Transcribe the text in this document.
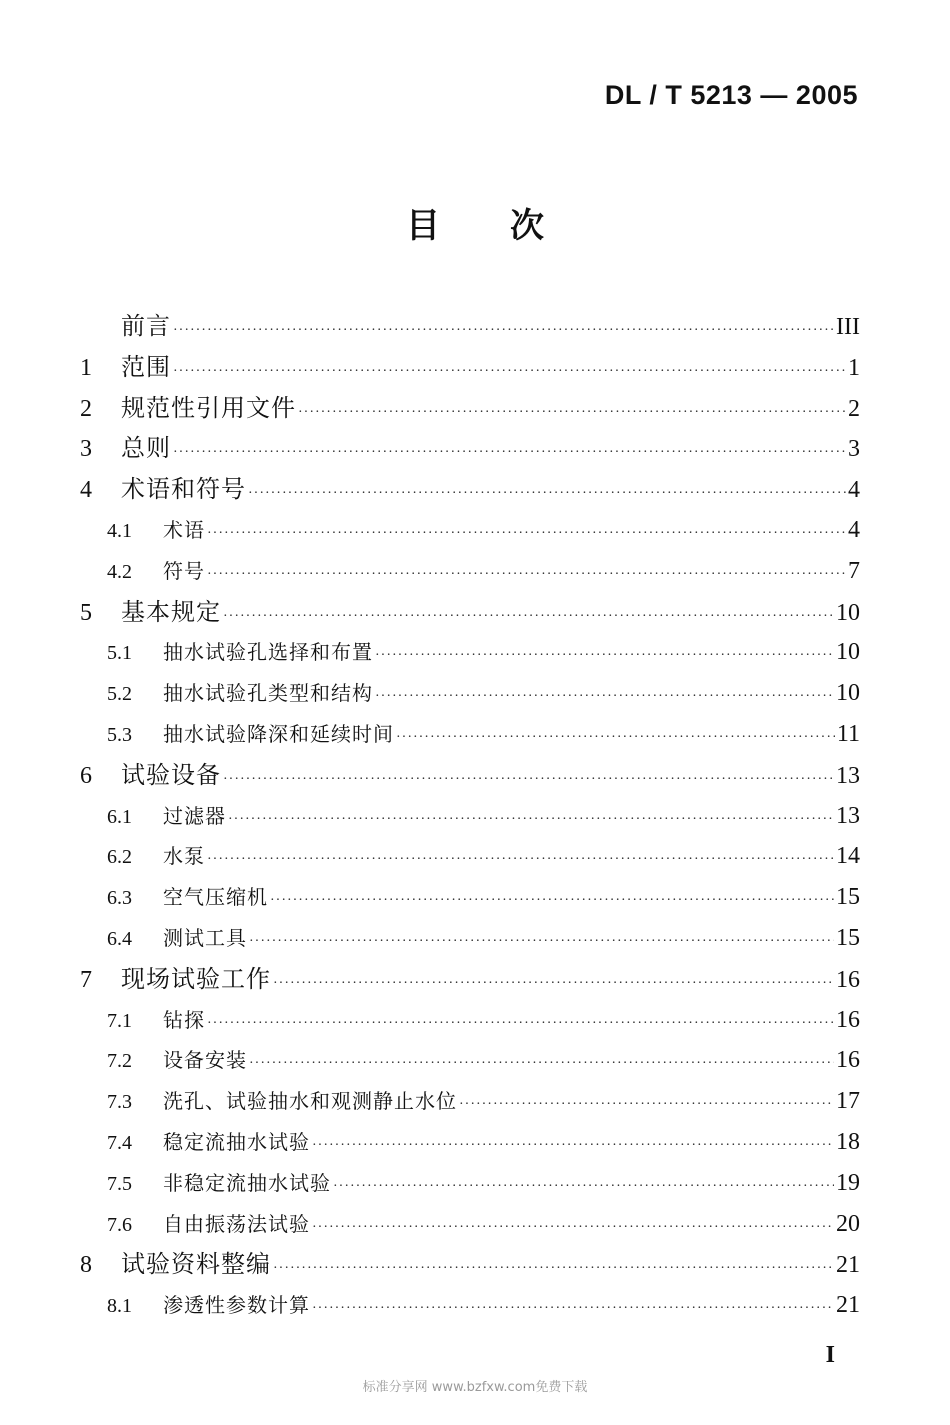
DL / T 5213 — 2005
目 次
前言 ·····	III
1	范围 ·····	1
2	规范性引用文件 ·····	2
3	总则 ·····	3
4	术语和符号 ·····	4
4.1	术语 ·····	4
4.2	符号 ·····	7
5	基本规定 ·····	10
5.1	抽水试验孔选择和布置 ·····	10
5.2	抽水试验孔类型和结构 ·····	10
5.3	抽水试验降深和延续时间 ·····	11
6	试验设备 ·····	13
6.1	过滤器 ·····	13
6.2	水泵 ·····	14
6.3	空气压缩机 ·····	15
6.4	测试工具 ·····	15
7	现场试验工作 ·····	16
7.1	钻探 ·····	16
7.2	设备安装 ·····	16
7.3	洗孔、试验抽水和观测静止水位 ·····	17
7.4	稳定流抽水试验 ·····	18
7.5	非稳定流抽水试验 ·····	19
7.6	自由振荡法试验 ·····	20
8	试验资料整编 ·····	21
8.1	渗透性参数计算 ·····	21
I
标准分享网 www.bzfxw.com免费下载
